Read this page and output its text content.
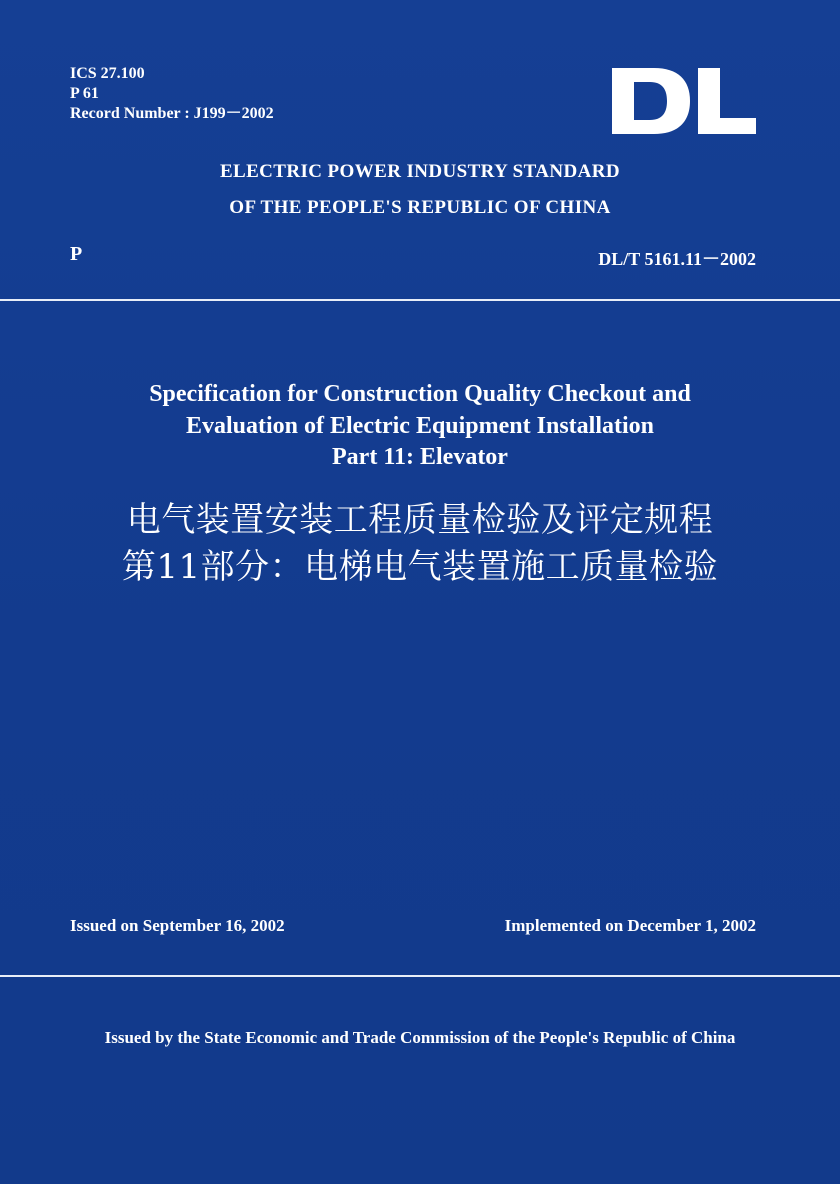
ICS 27.100
P 61
Record Number : J199－2002
ELECTRIC POWER INDUSTRY STANDARD
OF THE PEOPLE'S REPUBLIC OF CHINA
P	DL/T 5161.11－2002
Specification for Construction Quality Checkout and
Evaluation of Electric Equipment Installation
Part 11: Elevator
电气装置安装工程质量检验及评定规程
第11部分：电梯电气装置施工质量检验
Issued on September 16, 2002	Implemented on December 1, 2002
Issued by the State Economic and Trade Commission of the People's Republic of China
